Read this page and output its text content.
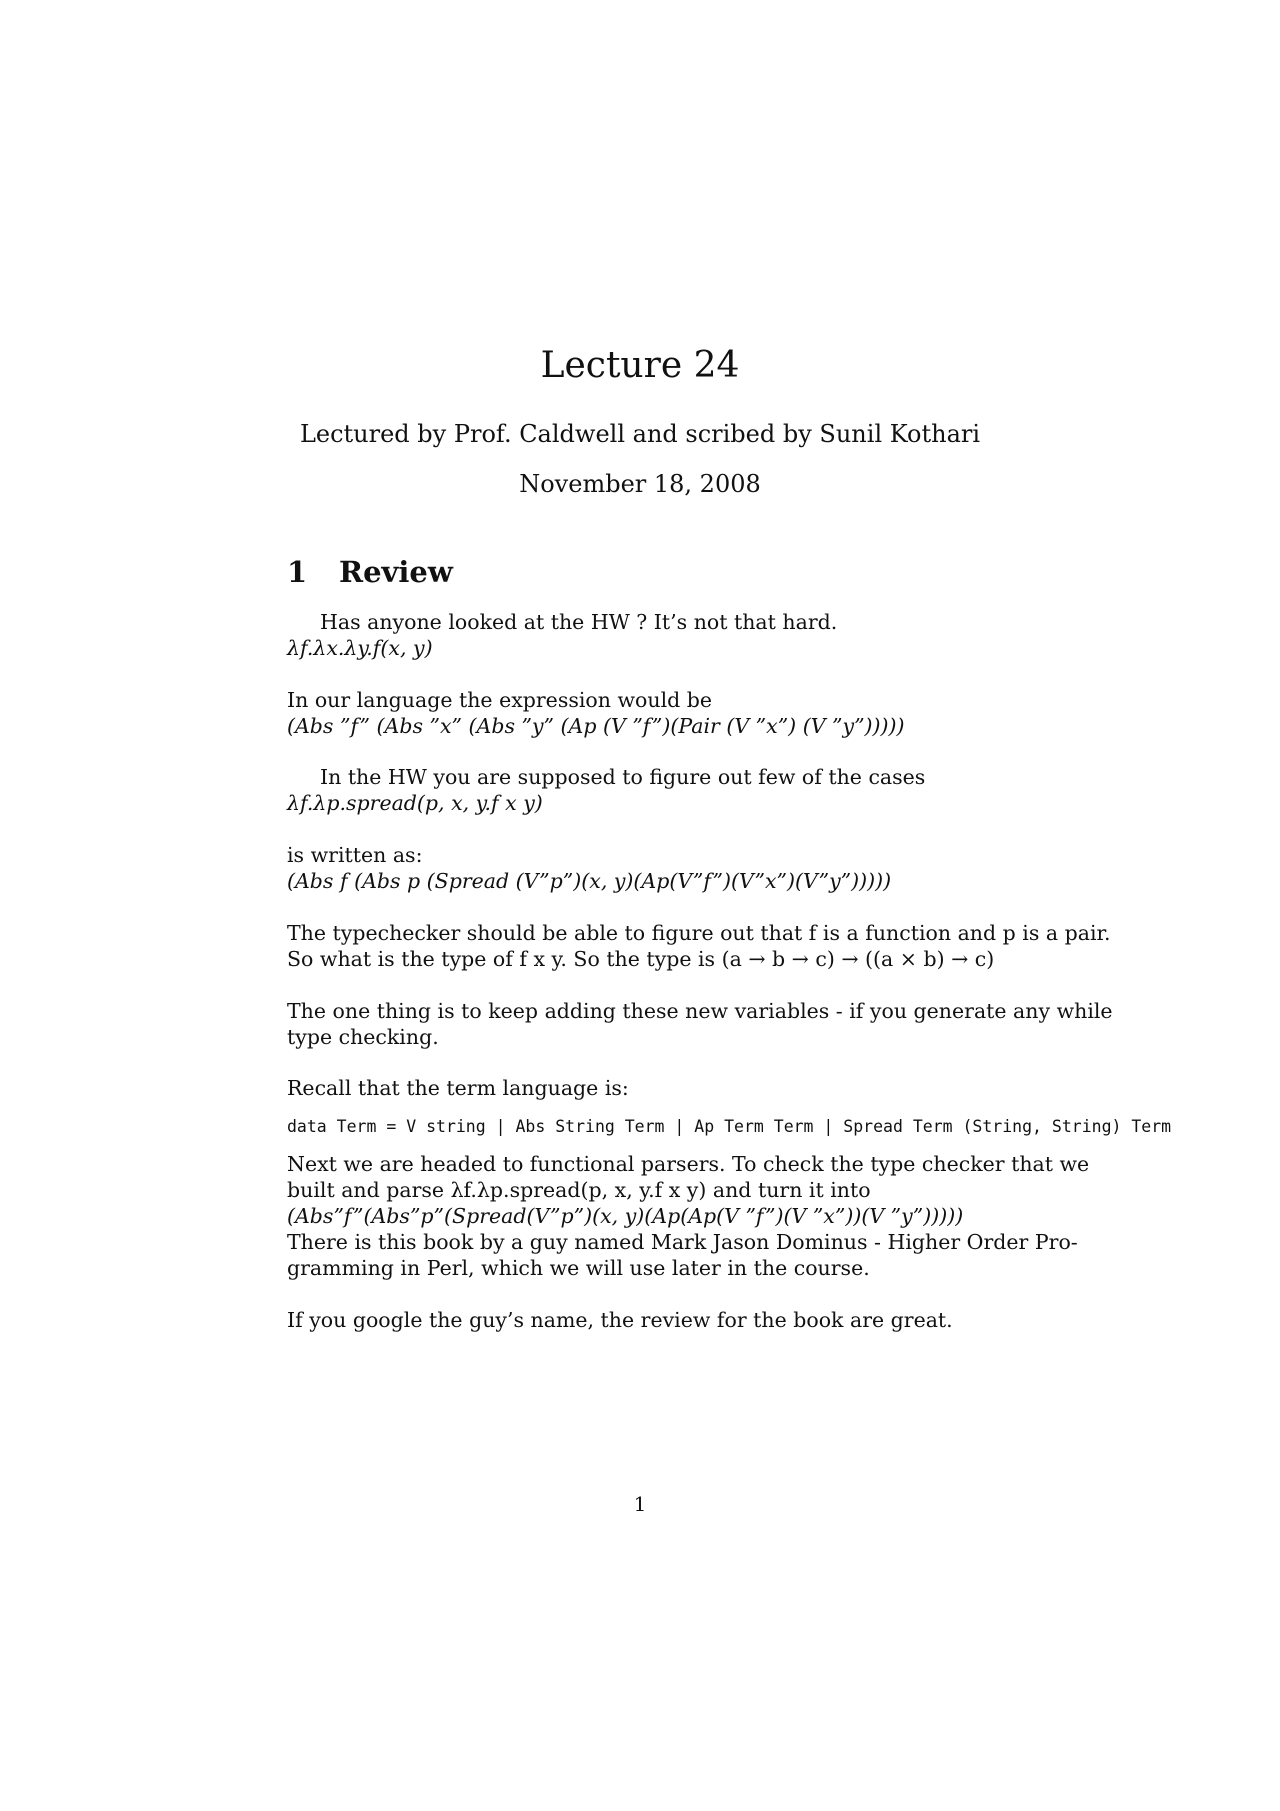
Lecture 24
Lectured by Prof. Caldwell and scribed by Sunil Kothari
November 18, 2008
1 Review
Has anyone looked at the HW ? It’s not that hard.
λf.λx.λy.f(x, y)
In our language the expression would be
(Abs ”f” (Abs ”x” (Abs ”y” (Ap (V ”f”)(Pair (V ”x”) (V ”y”)))))
In the HW you are supposed to figure out few of the cases
λf.λp.spread(p, x, y.f x y)
is written as:
(Abs f (Abs p (Spread (V”p”)(x, y)(Ap(V”f”)(V”x”)(V”y”)))))
The typechecker should be able to figure out that f is a function and p is a pair.
So what is the type of f x y. So the type is (a → b → c) → ((a × b) → c)
The one thing is to keep adding these new variables - if you generate any while
type checking.
Recall that the term language is:
data Term = V string | Abs String Term | Ap Term Term | Spread Term (String, String) Term
Next we are headed to functional parsers. To check the type checker that we
built and parse λf.λp.spread(p, x, y.f x y) and turn it into
(Abs”f”(Abs”p”(Spread(V”p”)(x, y)(Ap(Ap(V ”f”)(V ”x”))(V ”y”)))))
There is this book by a guy named Mark Jason Dominus - Higher Order Pro-
gramming in Perl, which we will use later in the course.
If you google the guy’s name, the review for the book are great.
1
